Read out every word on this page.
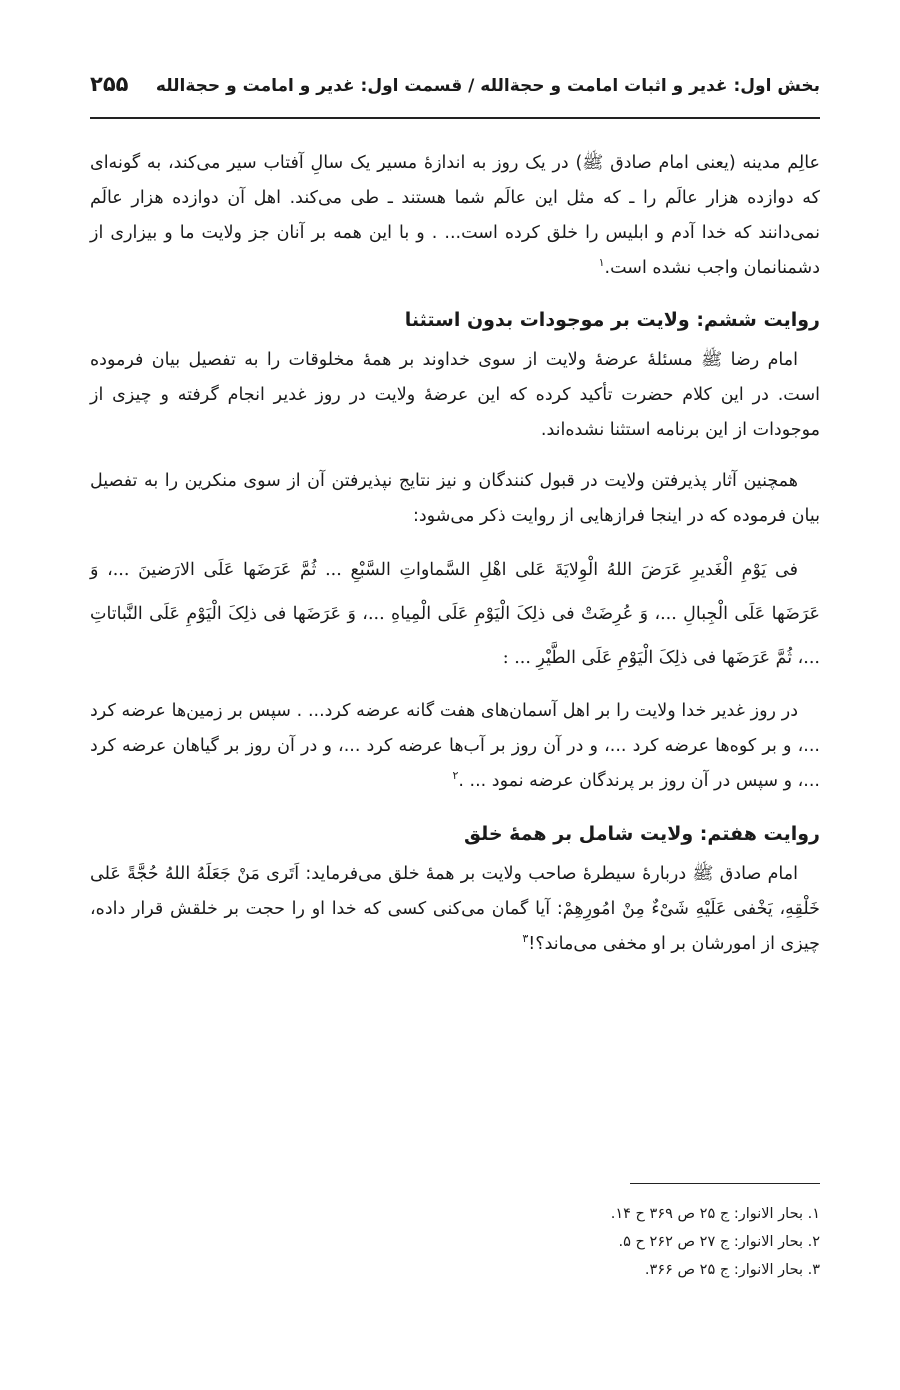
بخش اول: غدیر و اثبات امامت و حجةالله / قسمت اول: غدیر و امامت و حجةالله
۲۵۵

عالِم مدینه (یعنی امام صادق ﷺ) در یک روز به اندازهٔ مسیر یک سالِ آفتاب سیر می‌کند، به گونه‌ای که دوازده هزار عالَم را ـ که مثل این عالَم شما هستند ـ طی می‌کند. اهل آن دوازده هزار عالَم نمی‌دانند که خدا آدم و ابلیس را خلق کرده است... . و با این همه بر آنان جز ولایت ما و بیزاری از دشمنانمان واجب نشده است.$^۱$

روایت ششم: ولایت بر موجودات بدون استثنا

امام رضا ﷺ مسئلهٔ عرضهٔ ولایت از سوی خداوند بر همهٔ مخلوقات را به تفصیل بیان فرموده است. در این کلام حضرت تأکید کرده که این عرضهٔ ولایت در روز غدیر انجام گرفته و چیزی از موجودات از این برنامه استثنا نشده‌اند.

همچنین آثار پذیرفتن ولایت در قبول کنندگان و نیز نتایج نپذیرفتن آن از سوی منکرین را به تفصیل بیان فرموده که در اینجا فرازهایی از روایت ذکر می‌شود:

فی یَوْمِ الْغَدیرِ عَرَضَ اللهُ الْوِلایَةَ عَلی اهْلِ السَّماواتِ السَّبْعِ ... ثُمَّ عَرَضَها عَلَی الارَضینَ ...، وَ عَرَضَها عَلَی الْجِبالِ ...، وَ عُرِضَتْ فی ذلِکَ الْیَوْمِ عَلَی الْمِیاهِ ...، وَ عَرَضَها فی ذلِکَ الْیَوْمِ عَلَی النَّباتاتِ ...، ثُمَّ عَرَضَها فی ذلِکَ الْیَوْمِ عَلَی الطَّیْرِ ... :

در روز غدیر خدا ولایت را بر اهل آسمان‌های هفت گانه عرضه کرد... . سپس بر زمین‌ها عرضه کرد ...، و بر کوه‌ها عرضه کرد ...، و در آن روز بر آب‌ها عرضه کرد ...، و در آن روز بر گیاهان عرضه کرد ...، و سپس در آن روز بر پرندگان عرضه نمود ... .$^۲$

روایت هفتم: ولایت شامل بر همهٔ خلق

امام صادق ﷺ دربارهٔ سیطرهٔ صاحب ولایت بر همهٔ خلق می‌فرماید: اَتَری مَنْ جَعَلَهُ اللهُ حُجَّةً عَلی خَلْقِهِ، یَخْفی عَلَیْهِ شَیْءٌ مِنْ امُورِهِمْ: آیا گمان می‌کنی کسی که خدا او را حجت بر خلقش قرار داده، چیزی از امورشان بر او مخفی می‌ماند؟!$^۳$

۱. بحار الانوار: ج ۲۵ ص ۳۶۹ ح ۱۴.
۲. بحار الانوار: ج ۲۷ ص ۲۶۲ ح ۵.
۳. بحار الانوار: ج ۲۵ ص ۳۶۶.
